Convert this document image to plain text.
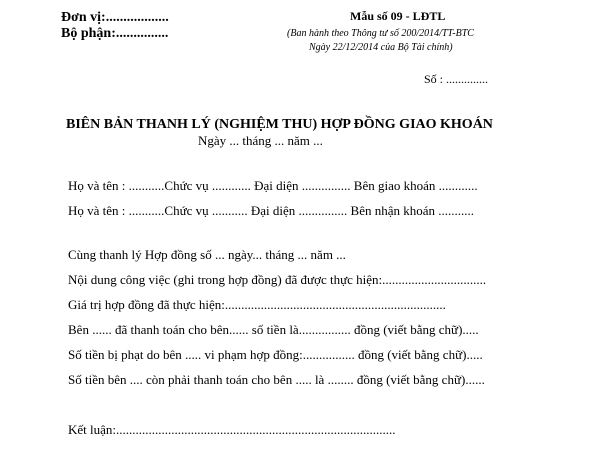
Đơn vị:..................
Bộ phận:...............
Mẫu số 09 - LĐTL
(Ban hành theo Thông tư số 200/2014/TT-BTC
Ngày 22/12/2014 của Bộ Tài chính)
Số : ..............
BIÊN BẢN THANH LÝ (NGHIỆM THU) HỢP ĐỒNG GIAO KHOÁN
Ngày ... tháng ... năm ...
Họ và tên : ...........Chức vụ ............ Đại diện ............... Bên giao khoán ............
Họ và tên : ...........Chức vụ ........... Đại diện ............... Bên nhận khoán ...........
Cùng thanh lý Hợp đồng số ... ngày... tháng ... năm ...
Nội dung công việc (ghi trong hợp đồng) đã được thực hiện:................................
Giá trị hợp đồng đã thực hiện:....................................................................
Bên ...... đã thanh toán cho bên...... số tiền là................ đồng (viết bằng chữ).....
Số tiền bị phạt do bên ..... vi phạm hợp đồng:................ đồng (viết bằng chữ).....
Số tiền bên .... còn phải thanh toán cho bên ..... là ........ đồng (viết bằng chữ)......
Kết luận:......................................................................................
